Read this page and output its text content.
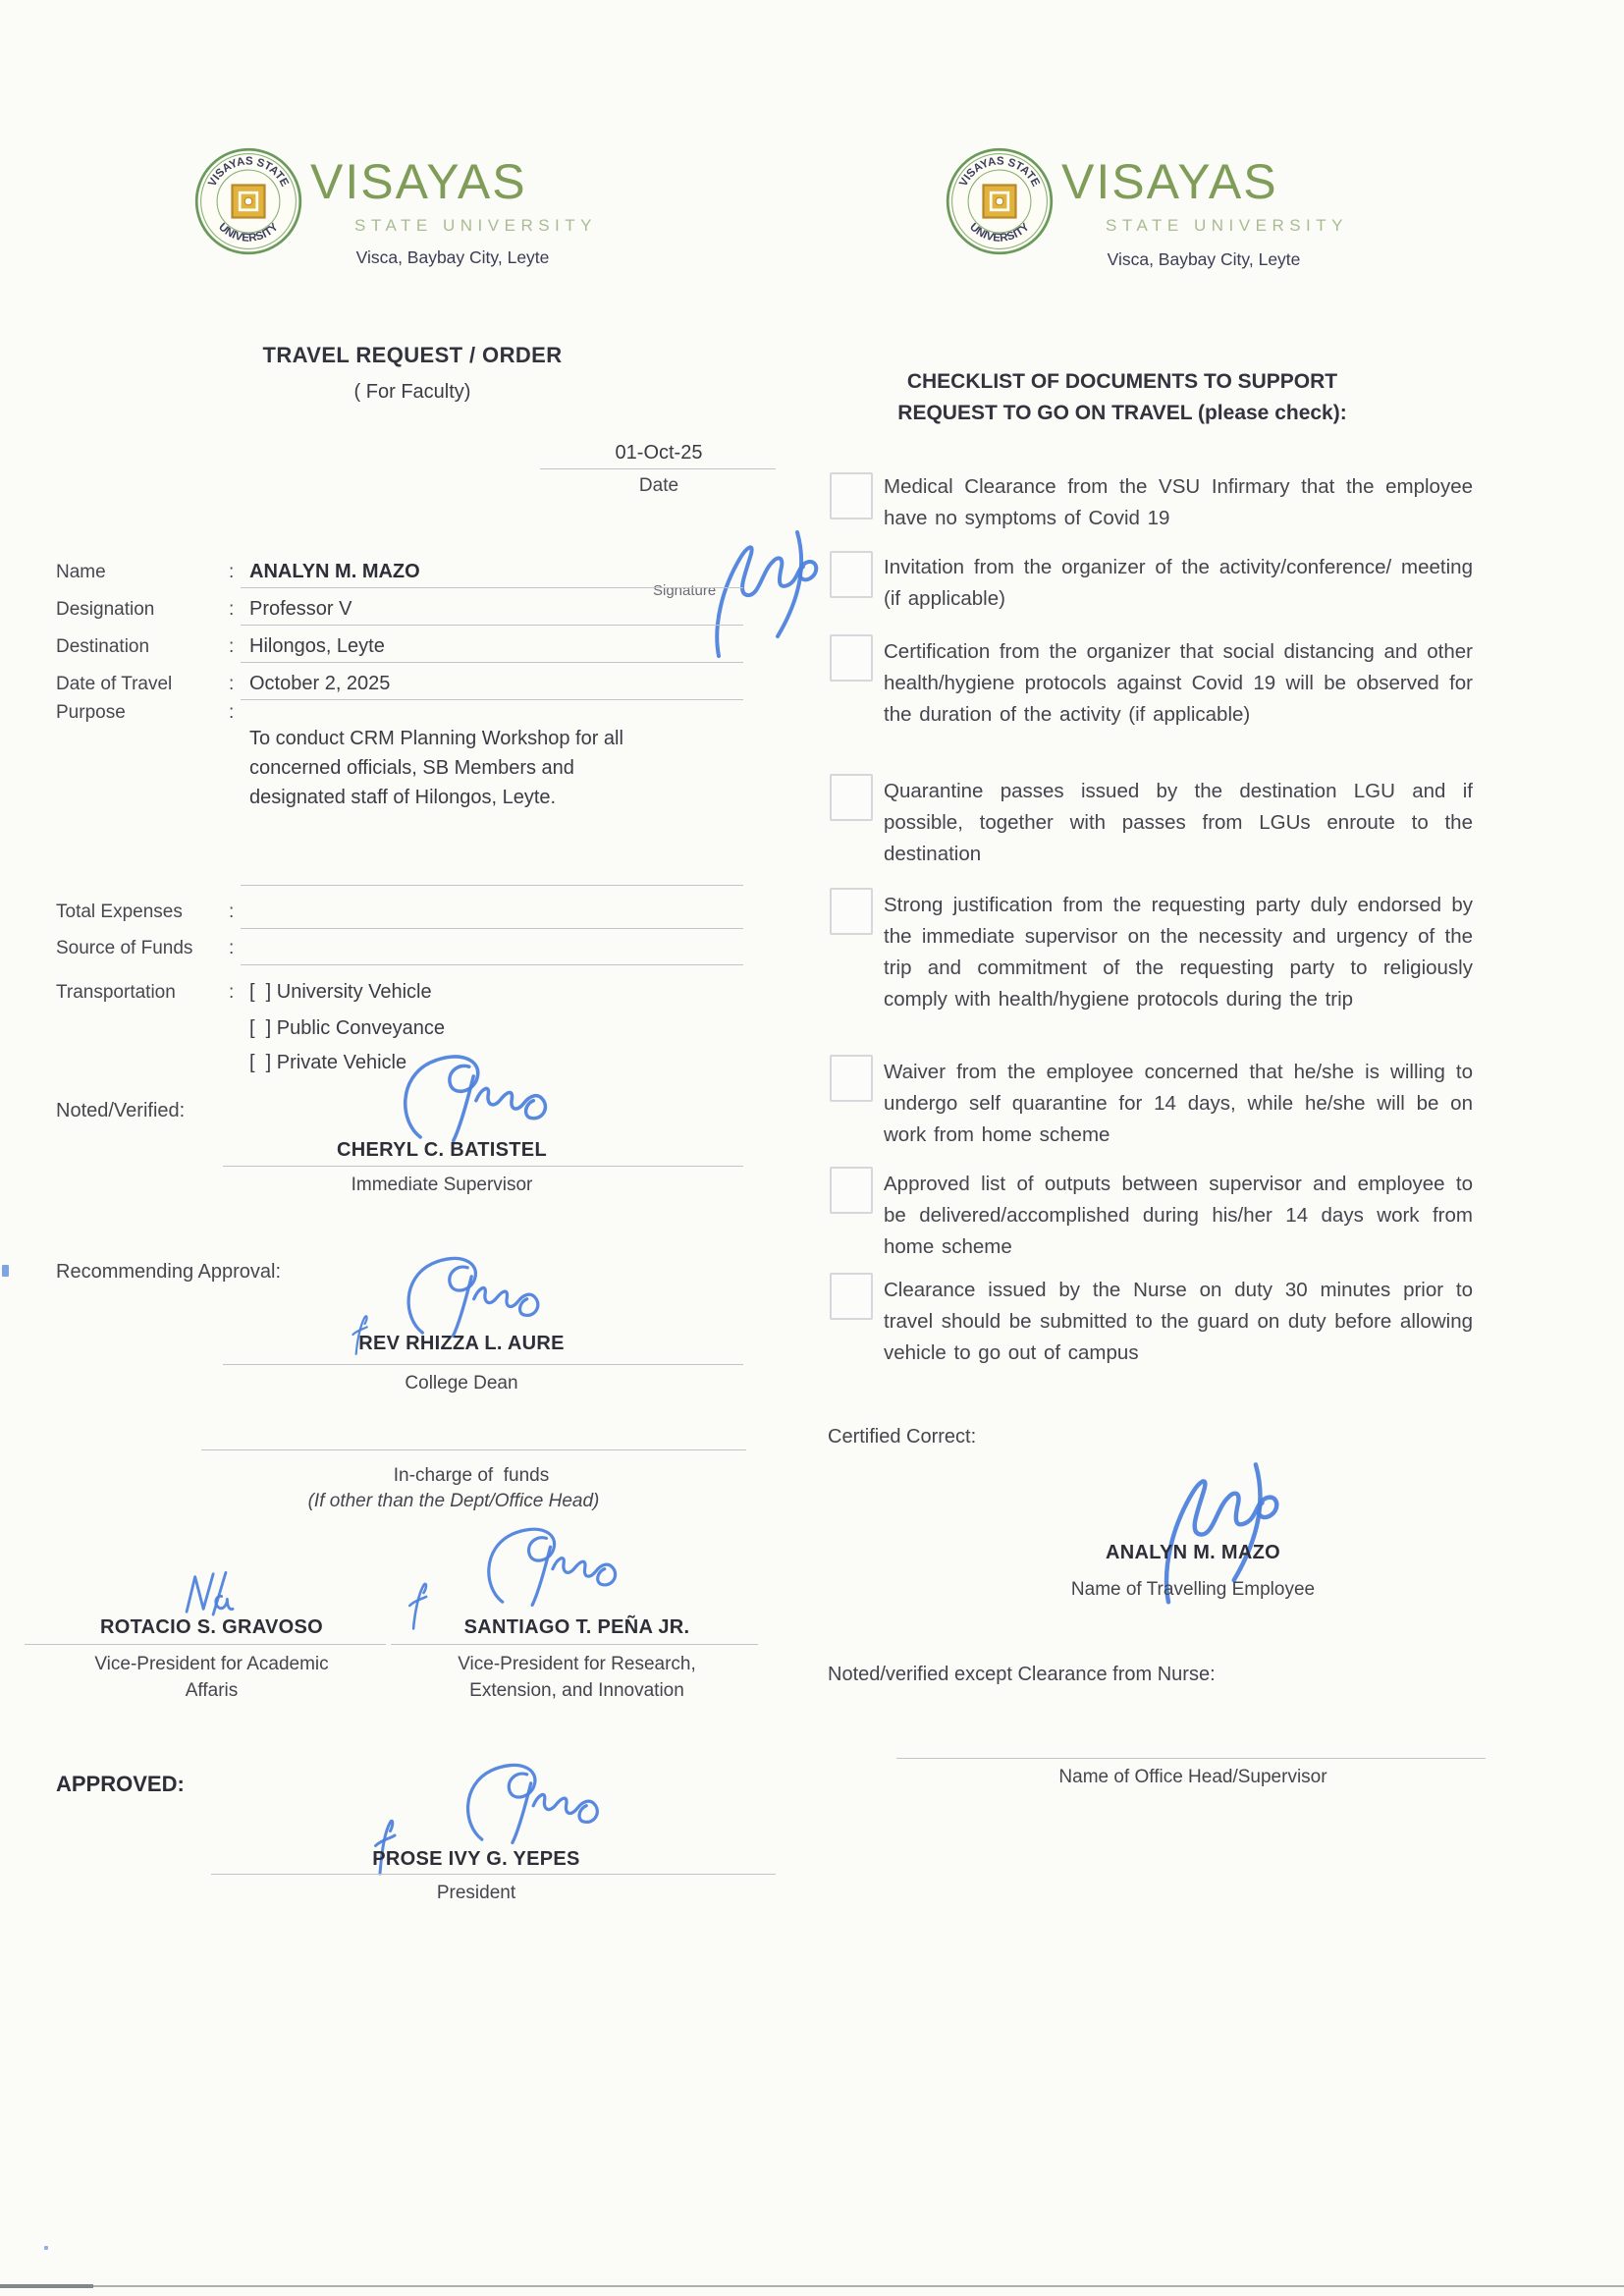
VISAYAS STATE
UNIVERSITY
VISAYAS
STATE UNIVERSITY
Visca, Baybay City, Leyte
VISAYAS STATE
UNIVERSITY
VISAYAS
STATE UNIVERSITY
Visca, Baybay City, Leyte
TRAVEL REQUEST / ORDER
( For Faculty)
01-Oct-25
Date
Signature
Name	: ANALYN M. MAZO
Designation	: Professor V
Destination	: Hilongos, Leyte
Date of Travel	: October 2, 2025
Purpose	:
To conduct CRM Planning Workshop for all concerned officials, SB Members and designated staff of Hilongos, Leyte.
Total Expenses :
Source of Funds :
Transportation	: [  ] University Vehicle
[  ] Public Conveyance
[  ] Private Vehicle
Noted/Verified:
CHERYL C. BATISTEL
Immediate Supervisor
Recommending Approval:
REV RHIZZA L. AURE
College Dean
In-charge of  funds
(If other than the Dept/Office Head)
ROTACIO S. GRAVOSO
Vice-President for Academic
Affaris
SANTIAGO T. PEÑA JR.
Vice-President for Research,
Extension, and Innovation
APPROVED:
PROSE IVY G. YEPES
President
CHECKLIST OF DOCUMENTS TO SUPPORT
REQUEST TO GO ON TRAVEL (please check):
Medical Clearance from the VSU Infirmary that the employee have no symptoms of Covid 19
Invitation from the organizer of the activity/conference/ meeting (if applicable)
Certification from the organizer that social distancing and other health/hygiene protocols against Covid 19 will be observed for the duration of the activity (if applicable)
Quarantine passes issued by the destination LGU and if possible, together with passes from LGUs enroute to the destination
Strong justification from the requesting party duly endorsed by the immediate supervisor on the necessity and urgency of the trip and commitment of the requesting party to religiously comply with health/hygiene protocols during the trip
Waiver from the employee concerned that he/she is willing to undergo self quarantine for 14 days, while he/she will be on work from home scheme
Approved list of outputs between supervisor and employee to be delivered/accomplished during his/her 14 days work from home scheme
Clearance issued by the Nurse on duty 30 minutes prior to travel should be submitted to the guard on duty before allowing vehicle to go out of campus
Certified Correct:
ANALYN M. MAZO
Name of Travelling Employee
Noted/verified except Clearance from Nurse:
Name of Office Head/Supervisor
